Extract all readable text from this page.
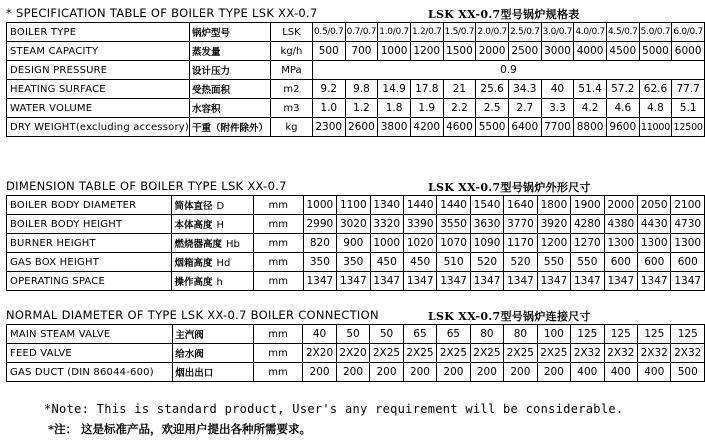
* SPECIFICATION TABLE OF BOILER TYPE LSK XX-0.7	LSK XX-0.7型号锅炉规格表
BOILER TYPE	锅炉型号	LSK	0.5/0.7	0.7/0.7	1.0/0.7	1.2/0.7	1.5/0.7	2.0/0.7	2.5/0.7	3.0/0.7	4.0/0.7	4.5/0.7	5.0/0.7	6.0/0.7
STEAM CAPACITY	蒸发量	kg/h	500	700	1000	1200	1500	2000	2500	3000	4000	4500	5000	6000
DESIGN PRESSURE	设计压力	MPa	0.9											
HEATING SURFACE	受热面积	m2	9.2	9.8	14.9	17.8	21	25.6	34.3	40	51.4	57.2	62.6	77.7
WATER VOLUME	水容积	m3	1.0	1.2	1.8	1.9	2.2	2.5	2.7	3.3	4.2	4.6	4.8	5.1
DRY WEIGHT(excluding accessory)	干重（附件除外）	kg	2300	2600	3800	4200	4600	5500	6400	7700	8800	9600	11000	12500
DIMENSION TABLE OF BOILER TYPE LSK XX-0.7	LSK XX-0.7型号锅炉外形尺寸
BOILER BODY DIAMETER	筒体直径 D	mm	1000	1100	1340	1440	1440	1540	1640	1800	1900	2000	2050	2100
BOILER BODY HEIGHT	本体高度 H	mm	2990	3020	3320	3390	3550	3630	3770	3920	4280	4380	4430	4730
BURNER HEIGHT	燃烧器高度 Hb	mm	820	900	1000	1020	1070	1090	1170	1200	1270	1300	1300	1300
GAS BOX HEIGHT	烟箱高度 Hd	mm	350	350	450	450	510	520	520	550	550	600	600	600
OPERATING SPACE	操作高度 h	mm	1347	1347	1347	1347	1347	1347	1347	1347	1347	1347	1347	1347
NORMAL DIAMETER OF TYPE LSK XX-0.7 BOILER CONNECTION	LSK XX-0.7型号锅炉连接尺寸
MAIN STEAM VALVE	主汽阀	mm	40	50	50	65	65	80	80	100	125	125	125	125
FEED VALVE	给水阀	mm	2X20	2X20	2X25	2X25	2X25	2X25	2X25	2X25	2X32	2X32	2X32	2X32
GAS DUCT (DIN 86044-600)	烟出出口	mm	200	200	200	200	200	200	200	200	400	400	400	500
*Note: This is standard product, User's any requirement will be considerable.
*注： 这是标准产品，欢迎用户提出各种所需要求。
